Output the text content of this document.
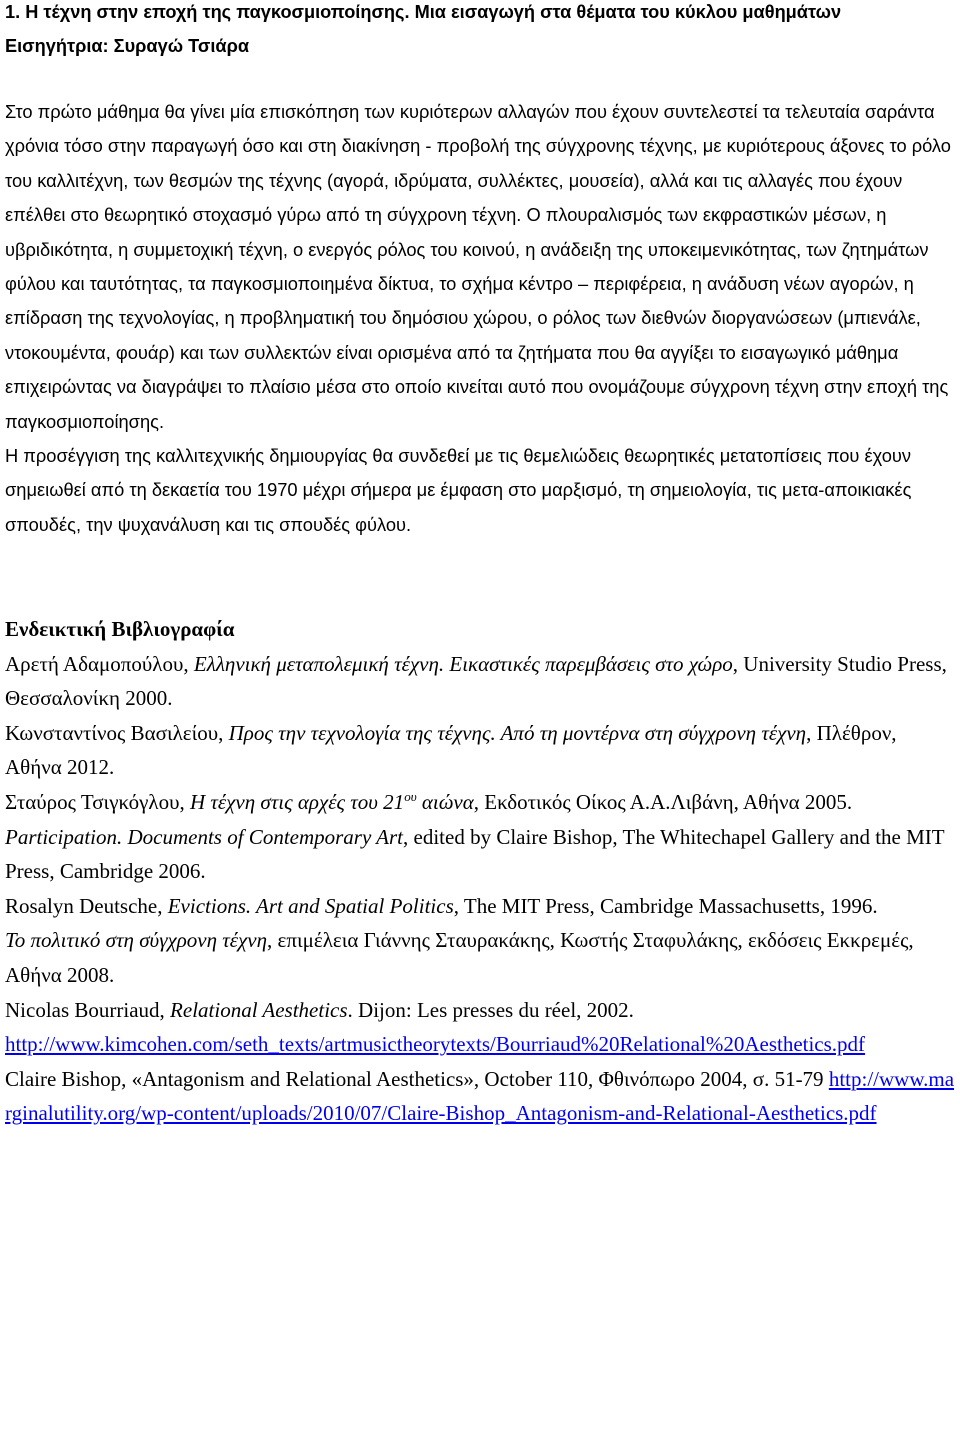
1. Η τέχνη στην εποχή της παγκοσμιοποίησης. Μια εισαγωγή στα θέματα του κύκλου μαθημάτων

Εισηγήτρια: Συραγώ Τσιάρα

Στο πρώτο μάθημα θα γίνει μία επισκόπηση των κυριότερων αλλαγών που έχουν συντελεστεί τα τελευταία σαράντα χρόνια τόσο στην παραγωγή όσο και στη διακίνηση - προβολή της σύγχρονης τέχνης, με κυριότερους άξονες το ρόλο του καλλιτέχνη, των θεσμών της τέχνης (αγορά, ιδρύματα, συλλέκτες, μουσεία), αλλά και τις αλλαγές που έχουν επέλθει στο θεωρητικό στοχασμό γύρω από τη σύγχρονη τέχνη. Ο πλουραλισμός των εκφραστικών μέσων, η υβριδικότητα, η συμμετοχική τέχνη, ο ενεργός ρόλος του κοινού, η ανάδειξη της υποκειμενικότητας, των ζητημάτων φύλου και ταυτότητας, τα παγκοσμιοποιημένα δίκτυα, το σχήμα κέντρο – περιφέρεια, η ανάδυση νέων αγορών, η επίδραση της τεχνολογίας, η προβληματική του δημόσιου χώρου, ο ρόλος των διεθνών διοργανώσεων (μπιενάλε, ντοκουμέντα, φουάρ) και των συλλεκτών είναι ορισμένα από τα ζητήματα που θα αγγίξει το εισαγωγικό μάθημα επιχειρώντας να διαγράψει το πλαίσιο μέσα στο οποίο κινείται αυτό που ονομάζουμε σύγχρονη τέχνη στην εποχή της παγκοσμιοποίησης.

Η προσέγγιση της καλλιτεχνικής δημιουργίας θα συνδεθεί με τις θεμελιώδεις θεωρητικές μετατοπίσεις που έχουν σημειωθεί από τη δεκαετία του 1970 μέχρι σήμερα με έμφαση στο μαρξισμό, τη σημειολογία, τις μετα-αποικιακές σπουδές, την ψυχανάλυση και τις σπουδές φύλου.

Ενδεικτική Βιβλιογραφία

Αρετή Αδαμοπούλου, Ελληνική μεταπολεμική τέχνη. Εικαστικές παρεμβάσεις στο χώρο, University Studio Press, Θεσσαλονίκη 2000.

Κωνσταντίνος Βασιλείου, Προς την τεχνολογία της τέχνης. Από τη μοντέρνα στη σύγχρονη τέχνη, Πλέθρον, Αθήνα 2012.

Σταύρος Τσιγκόγλου, Η τέχνη στις αρχές του $21^{o\upsilon}$ αιώνα, Εκδοτικός Οίκος Α.Α.Λιβάνη, Αθήνα 2005.

Participation. Documents of Contemporary Art, edited by Claire Bishop, The Whitechapel Gallery and the MIT Press, Cambridge 2006.

Rosalyn Deutsche, Evictions. Art and Spatial Politics, The MIT Press, Cambridge Massachusetts, 1996.

Το πολιτικό στη σύγχρονη τέχνη, επιμέλεια Γιάννης Σταυρακάκης, Κωστής Σταφυλάκης, εκδόσεις Εκκρεμές, Αθήνα 2008.

Nicolas Bourriaud, Relational Aesthetics. Dijon: Les presses du réel, 2002.
http://www.kimcohen.com/seth_texts/artmusictheorytexts/Bourriaud%20Relational%20Aesthetics.pdf

Claire Bishop, «Antagonism and Relational Aesthetics», October 110, Φθινόπωρο 2004, σ. 51-79 http://www.marginalutility.org/wp-content/uploads/2010/07/Claire-Bishop_Antagonism-and-Relational-Aesthetics.pdf
